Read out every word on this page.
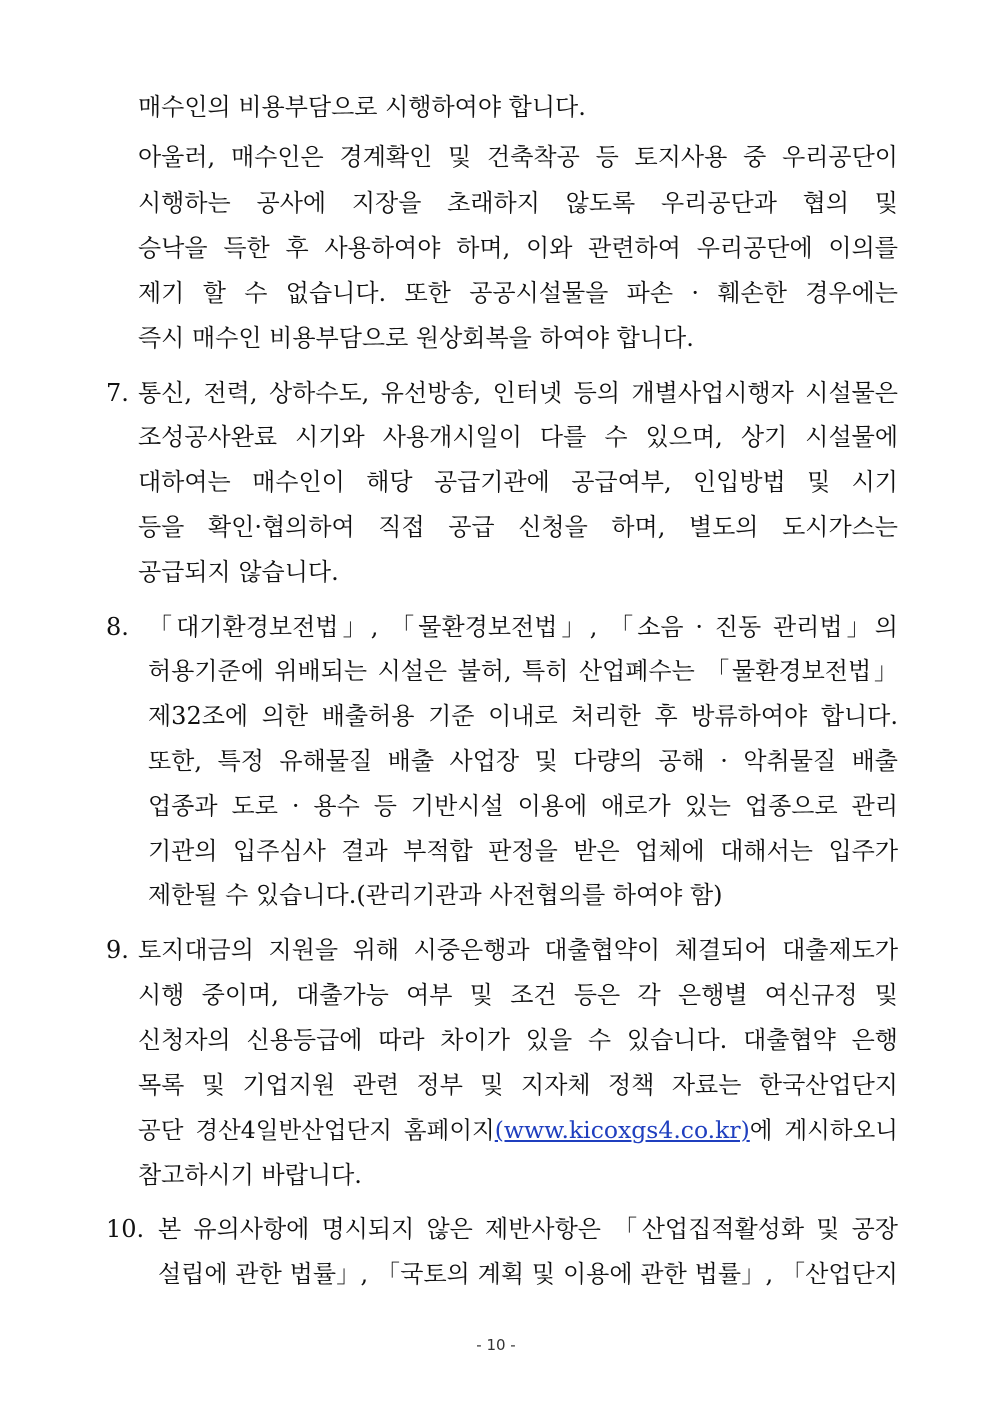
매수인의 비용부담으로 시행하여야 합니다.
아울러, 매수인은 경계확인 및 건축착공 등 토지사용 중 우리공단이
시행하는 공사에 지장을 초래하지 않도록 우리공단과 협의 및
승낙을 득한 후 사용하여야 하며, 이와 관련하여 우리공단에 이의를
제기 할 수 없습니다. 또한 공공시설물을 파손 · 훼손한 경우에는
즉시 매수인 비용부담으로 원상회복을 하여야 합니다.
7. 통신, 전력, 상하수도, 유선방송, 인터넷 등의 개별사업시행자 시설물은
조성공사완료 시기와 사용개시일이 다를 수 있으며, 상기 시설물에
대하여는 매수인이 해당 공급기관에 공급여부, 인입방법 및 시기
등을 확인·협의하여 직접 공급 신청을 하며, 별도의 도시가스는
공급되지 않습니다.
8. 「대기환경보전법」, 「물환경보전법」, 「소음 · 진동 관리법」의
허용기준에 위배되는 시설은 불허, 특히 산업폐수는 「물환경보전법」
제32조에 의한 배출허용 기준 이내로 처리한 후 방류하여야 합니다.
또한, 특정 유해물질 배출 사업장 및 다량의 공해 · 악취물질 배출
업종과 도로 · 용수 등 기반시설 이용에 애로가 있는 업종으로 관리
기관의 입주심사 결과 부적합 판정을 받은 업체에 대해서는 입주가
제한될 수 있습니다.(관리기관과 사전협의를 하여야 함)
9. 토지대금의 지원을 위해 시중은행과 대출협약이 체결되어 대출제도가
시행 중이며, 대출가능 여부 및 조건 등은 각 은행별 여신규정 및
신청자의 신용등급에 따라 차이가 있을 수 있습니다. 대출협약 은행
목록 및 기업지원 관련 정부 및 지자체 정책 자료는 한국산업단지
공단 경산4일반산업단지 홈페이지(www.kicoxgs4.co.kr)에 게시하오니
참고하시기 바랍니다.
10. 본 유의사항에 명시되지 않은 제반사항은 「산업집적활성화 및 공장
설립에 관한 법률」, 「국토의 계획 및 이용에 관한 법률」, 「산업단지
- 10 -
